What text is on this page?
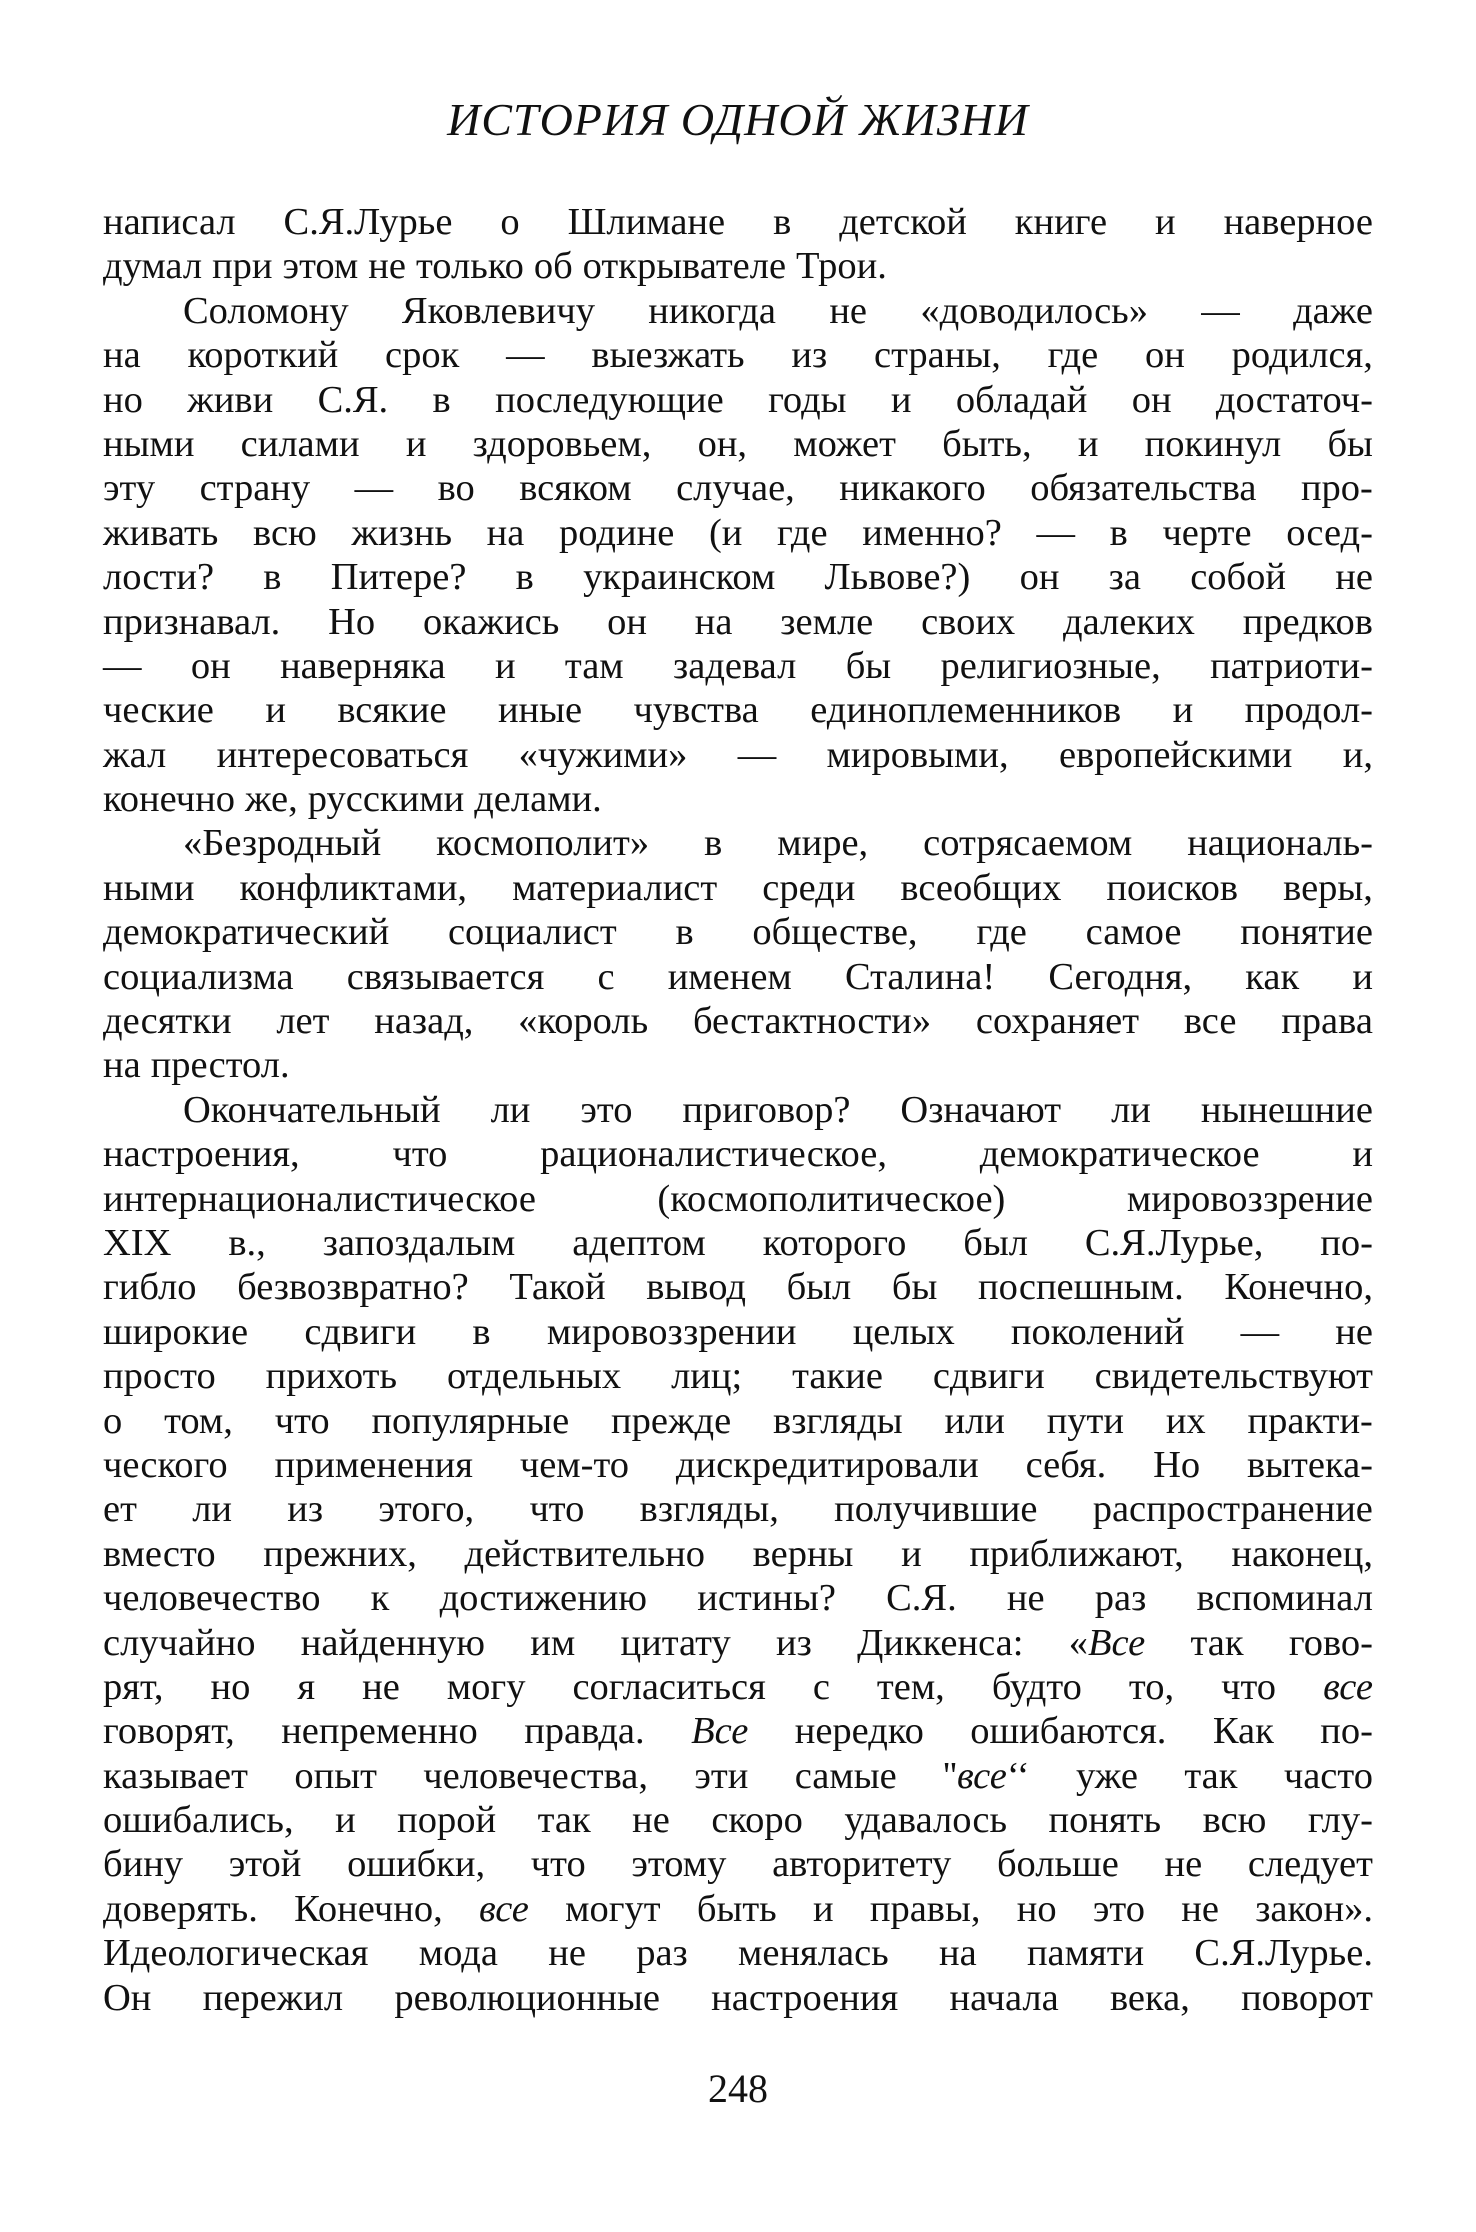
ИСТОРИЯ ОДНОЙ ЖИЗНИ
написал С.Я.Лурье о Шлимане в детской книге и наверное
думал при этом не только об открывателе Трои.
Соломону Яковлевичу никогда не «доводилось» — даже
на короткий срок — выезжать из страны, где он родился,
но живи С.Я. в последующие годы и обладай он достаточ-
ными силами и здоровьем, он, может быть, и покинул бы
эту страну — во всяком случае, никакого обязательства про-
живать всю жизнь на родине (и где именно? — в черте осед-
лости? в Питере? в украинском Львове?) он за собой не
признавал. Но окажись он на земле своих далеких предков
— он наверняка и там задевал бы религиозные, патриоти-
ческие и всякие иные чувства единоплеменников и продол-
жал интересоваться «чужими» — мировыми, европейскими и,
конечно же, русскими делами.
«Безродный космополит» в мире, сотрясаемом националь-
ными конфликтами, материалист среди всеобщих поисков веры,
демократический социалист в обществе, где самое понятие
социализма связывается с именем Сталина! Сегодня, как и
десятки лет назад, «король бестактности» сохраняет все права
на престол.
Окончательный ли это приговор? Означают ли нынешние
настроения, что рационалистическое, демократическое и
интернационалистическое	(космополитическое)	мировоззрение
XIX в., запоздалым адептом которого был С.Я.Лурье, по-
гибло безвозвратно? Такой вывод был бы поспешным. Конечно,
широкие сдвиги в мировоззрении целых поколений — не
просто прихоть отдельных лиц; такие сдвиги свидетельствуют
о том, что популярные прежде взгляды или пути их практи-
ческого применения чем-то дискредитировали себя. Но вытека-
ет ли из этого, что взгляды, получившие распространение
вместо прежних, действительно верны и приближают, наконец,
человечество к достижению истины? С.Я. не раз вспоминал
случайно найденную им цитату из Диккенса: «Все так гово-
рят, но я не могу согласиться с тем, будто то, что все
говорят, непременно правда. Все нередко ошибаются. Как по-
казывает опыт человечества, эти самые ''все‘‘ уже так часто
ошибались, и порой так не скоро удавалось понять всю глу-
бину этой ошибки, что этому авторитету больше не следует
доверять. Конечно, все могут быть и правы, но это не закон».
Идеологическая мода не раз менялась на памяти С.Я.Лурье.
Он пережил революционные настроения начала века, поворот
248
